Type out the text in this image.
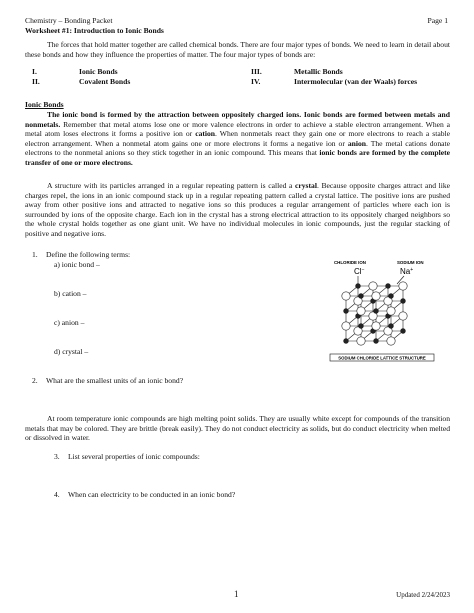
Chemistry – Bonding Packet	Page 1
Worksheet #1: Introduction to Ionic Bonds
The forces that hold matter together are called chemical bonds. There are four major types of bonds. We need to learn in detail about these bonds and how they influence the properties of matter. The four major types of bonds are:
I.	Ionic Bonds	III.	Metallic Bonds
II.	Covalent Bonds	IV.	Intermolecular (van der Waals) forces
Ionic Bonds
The ionic bond is formed by the attraction between oppositely charged ions. Ionic bonds are formed between metals and nonmetals. Remember that metal atoms lose one or more valence electrons in order to achieve a stable electron arrangement. When a metal atom loses electrons it forms a positive ion or cation. When nonmetals react they gain one or more electrons to reach a stable electron arrangement. When a nonmetal atom gains one or more electrons it forms a negative ion or anion. The metal cations donate electrons to the nonmetal anions so they stick together in an ionic compound. This means that ionic bonds are formed by the complete transfer of one or more electrons.
A structure with its particles arranged in a regular repeating pattern is called a crystal. Because opposite charges attract and like charges repel, the ions in an ionic compound stack up in a regular repeating pattern called a crystal lattice. The positive ions are pushed away from other positive ions and attracted to negative ions so this produces a regular arrangement of particles where each ion is surrounded by ions of the opposite charge. Each ion in the crystal has a strong electrical attraction to its oppositely charged neighbors so the whole crystal holds together as one giant unit. We have no individual molecules in ionic compounds, just the regular stacking of positive and negative ions.
1. Define the following terms:
a) ionic bond –
b) cation –
c) anion –
d) crystal –
CHLORIDE ION	SODIUM ION
Cl−	Na+
SODIUM CHLORIDE LATTICE STRUCTURE
2. What are the smallest units of an ionic bond?
At room temperature ionic compounds are high melting point solids. They are usually white except for compounds of the transition metals that may be colored. They are brittle (break easily). They do not conduct electricity as solids, but do conduct electricity when melted or dissolved in water.
3. List several properties of ionic compounds:
4. When can electricity to be conducted in an ionic bond?
1	Updated 2/24/2023
